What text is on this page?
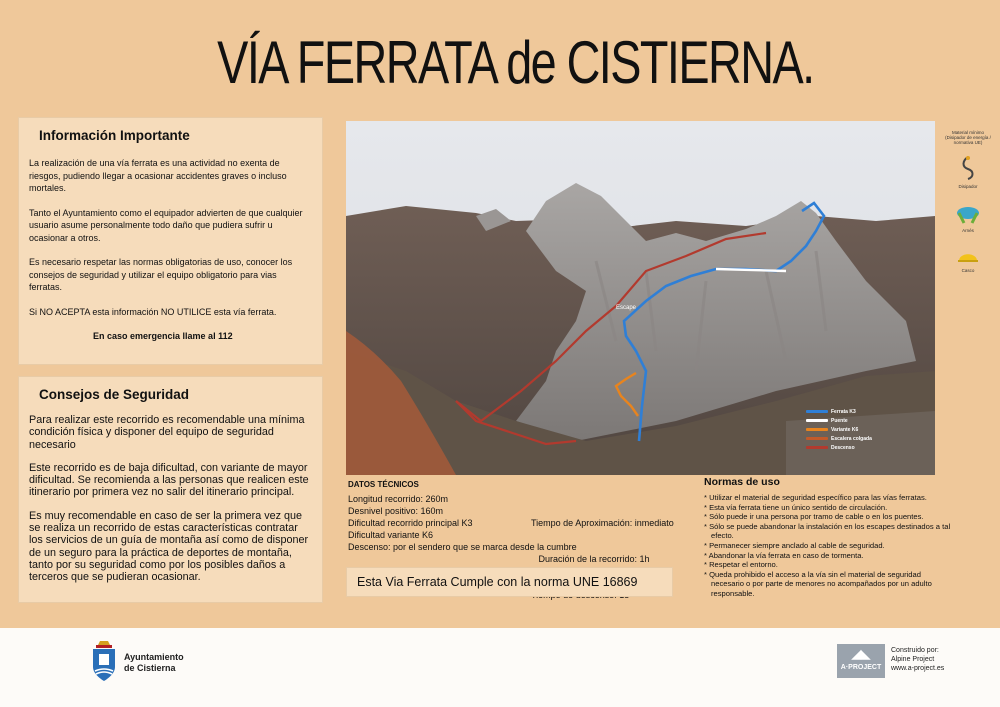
VÍA FERRATA de CISTIERNA.
Información Importante

La realización de una vía ferrata es una actividad no exenta de riesgos, pudiendo llegar a ocasionar accidentes graves o incluso mortales.

Tanto el Ayuntamiento como el equipador advierten de que cualquier usuario asume personalmente todo daño que pudiera sufrir u ocasionar a otros.

Es necesario respetar las normas obligatorias de uso, conocer los consejos de seguridad y utilizar el equipo obligatorio para vias ferratas.

Si NO ACEPTA esta información NO UTILICE esta vía ferrata.

En caso emergencia llame al 112
Consejos de Seguridad

Para realizar este recorrido es recomendable una mínima condición física y disponer del equipo de seguridad necesario

Este recorrido es de baja dificultad, con variante de mayor dificultad. Se recomienda a las personas que realicen este itinerario por primera vez no salir del itinerario principal.

Es muy recomendable en caso de ser la primera vez que se realiza un recorrido de estas características contratar los servicios de un guía de montaña así como de disponer de un seguro para la práctica de deportes de montaña, tanto por su seguridad como por los posibles daños a terceros que se pudieran ocasionar.

Escape
Ferrata K3
Puente
Variante K6
Escalera colgada
Descenso
DATOS TÉCNICOS
Longitud recorrido: 260m
Desnivel positivo: 160m
Dificultad recorrido principal K3
Dificultad variante K6
Descenso: por el sendero que se marca desde la cumbre

Tiempo de Aproximación: inmediato

Duración de la recorrido: 1h

Esta Via Ferrata Cumple con la norma UNE 16869
Normas de uso
* Utilizar el material de seguridad específico para las vías ferratas.
* Esta vía ferrata tiene un único sentido de circulación.
* Sólo puede ir una persona por tramo de cable o en los puentes.
* Sólo se puede abandonar la instalación en los escapes destinados a tal efecto.
* Permanecer siempre anclado al cable de seguridad.
* Abandonar la vía ferrata en caso de tormenta.
* Respetar el entorno.
* Queda prohibido el acceso a la vía sin el material de seguridad necesario o por parte de menores no acompañados por un adulto responsable.
Material mínimo
(Disipador de energía / normativa UE)
Disipador
Arnés
Casco
Ayuntamiento
de Cistierna
◢◣
A·PROJECT
Construido por:
Alpine Project
www.a-project.es
